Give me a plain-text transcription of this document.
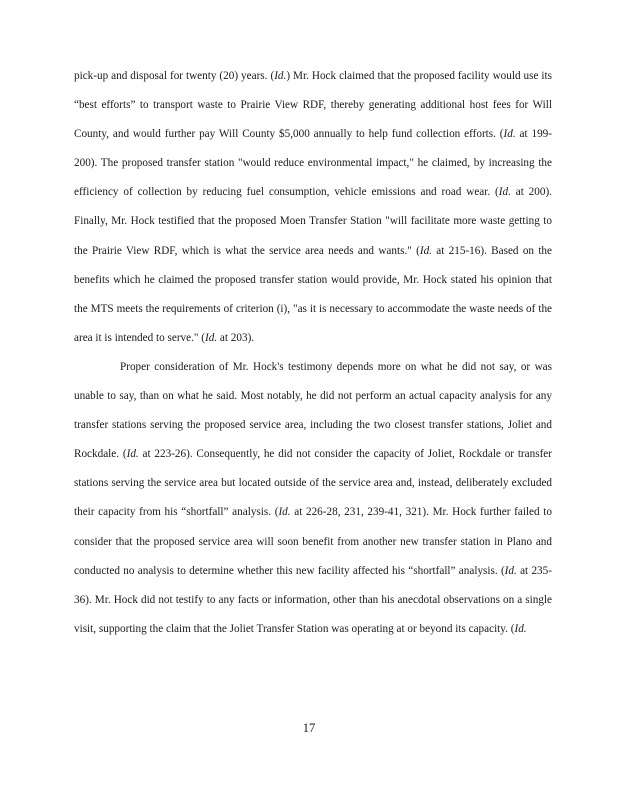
pick-up and disposal for twenty (20) years. (Id.) Mr. Hock claimed that the proposed facility would use its “best efforts” to transport waste to Prairie View RDF, thereby generating additional host fees for Will County, and would further pay Will County $5,000 annually to help fund collection efforts. (Id. at 199-200). The proposed transfer station "would reduce environmental impact," he claimed, by increasing the efficiency of collection by reducing fuel consumption, vehicle emissions and road wear. (Id. at 200). Finally, Mr. Hock testified that the proposed Moen Transfer Station "will facilitate more waste getting to the Prairie View RDF, which is what the service area needs and wants." (Id. at 215-16). Based on the benefits which he claimed the proposed transfer station would provide, Mr. Hock stated his opinion that the MTS meets the requirements of criterion (i), "as it is necessary to accommodate the waste needs of the area it is intended to serve." (Id. at 203).

Proper consideration of Mr. Hock's testimony depends more on what he did not say, or was unable to say, than on what he said. Most notably, he did not perform an actual capacity analysis for any transfer stations serving the proposed service area, including the two closest transfer stations, Joliet and Rockdale. (Id. at 223-26). Consequently, he did not consider the capacity of Joliet, Rockdale or transfer stations serving the service area but located outside of the service area and, instead, deliberately excluded their capacity from his “shortfall” analysis. (Id. at 226-28, 231, 239-41, 321). Mr. Hock further failed to consider that the proposed service area will soon benefit from another new transfer station in Plano and conducted no analysis to determine whether this new facility affected his “shortfall” analysis. (Id. at 235-36). Mr. Hock did not testify to any facts or information, other than his anecdotal observations on a single visit, supporting the claim that the Joliet Transfer Station was operating at or beyond its capacity. (Id.

17
